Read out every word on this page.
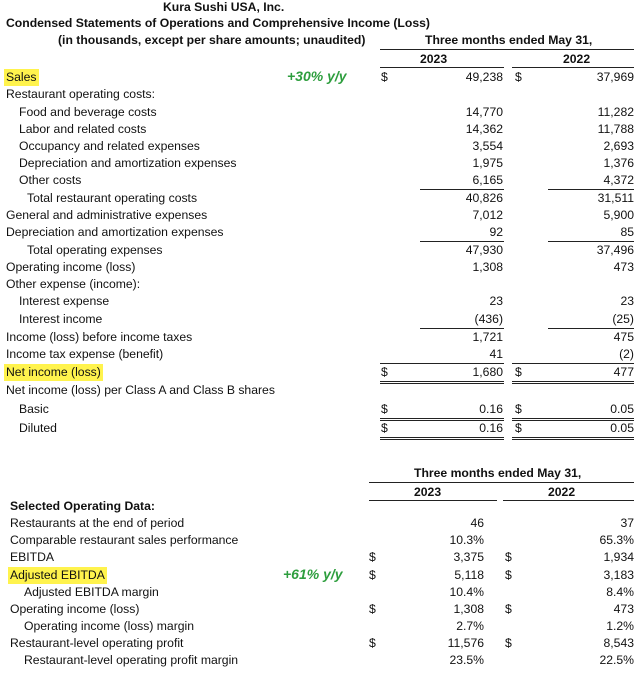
Kura Sushi USA, Inc.
Condensed Statements of Operations and Comprehensive Income (Loss)
(in thousands, except per share amounts; unaudited)	Three months ended May 31,
2023	2022
Sales	+30% y/y	$	49,238 $	37,969
Restaurant operating costs:
Food and beverage costs	14,770	11,282
Labor and related costs	14,362	11,788
Occupancy and related expenses	3,554	2,693
Depreciation and amortization expenses	1,975	1,376
Other costs	6,165	4,372
Total restaurant operating costs	40,826	31,511
General and administrative expenses	7,012	5,900
Depreciation and amortization expenses	92	85
Total operating expenses	47,930	37,496
Operating income (loss)	1,308	473
Other expense (income):
Interest expense	23	23
Interest income	(436)	(25)
Income (loss) before income taxes	1,721	475
Income tax expense (benefit)	41	(2)
Net income (loss)	$	1,680 $	477
Net income (loss) per Class A and Class B shares
Basic	$	0.16 $	0.05
Diluted	$	0.16 $	0.05
Three months ended May 31,
2023	2022
Selected Operating Data:
Restaurants at the end of period	46	37
Comparable restaurant sales performance	10.3%	65.3%
EBITDA	$	3,375 $	1,934
Adjusted EBITDA	+61% y/y $	5,118 $	3,183
Adjusted EBITDA margin	10.4%	8.4%
Operating income (loss)	$	1,308 $	473
Operating income (loss) margin	2.7%	1.2%
Restaurant-level operating profit	$	11,576 $	8,543
Restaurant-level operating profit margin	23.5%	22.5%
